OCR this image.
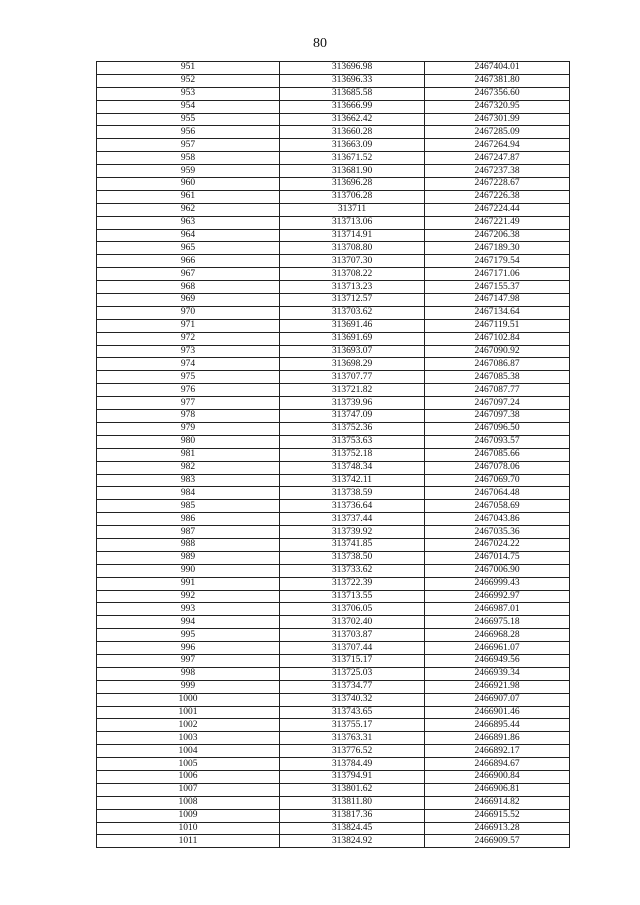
80
951	313696.98	2467404.01
952	313696.33	2467381.80
953	313685.58	2467356.60
954	313666.99	2467320.95
955	313662.42	2467301.99
956	313660.28	2467285.09
957	313663.09	2467264.94
958	313671.52	2467247.87
959	313681.90	2467237.38
960	313696.28	2467228.67
961	313706.28	2467226.38
962	313711	2467224.44
963	313713.06	2467221.49
964	313714.91	2467206.38
965	313708.80	2467189.30
966	313707.30	2467179.54
967	313708.22	2467171.06
968	313713.23	2467155.37
969	313712.57	2467147.98
970	313703.62	2467134.64
971	313691.46	2467119.51
972	313691.69	2467102.84
973	313693.07	2467090.92
974	313698.29	2467086.87
975	313707.77	2467085.38
976	313721.82	2467087.77
977	313739.96	2467097.24
978	313747.09	2467097.38
979	313752.36	2467096.50
980	313753.63	2467093.57
981	313752.18	2467085.66
982	313748.34	2467078.06
983	313742.11	2467069.70
984	313738.59	2467064.48
985	313736.64	2467058.69
986	313737.44	2467043.86
987	313739.92	2467035.36
988	313741.85	2467024.22
989	313738.50	2467014.75
990	313733.62	2467006.90
991	313722.39	2466999.43
992	313713.55	2466992.97
993	313706.05	2466987.01
994	313702.40	2466975.18
995	313703.87	2466968.28
996	313707.44	2466961.07
997	313715.17	2466949.56
998	313725.03	2466939.34
999	313734.77	2466921.98
1000	313740.32	2466907.07
1001	313743.65	2466901.46
1002	313755.17	2466895.44
1003	313763.31	2466891.86
1004	313776.52	2466892.17
1005	313784.49	2466894.67
1006	313794.91	2466900.84
1007	313801.62	2466906.81
1008	313811.80	2466914.82
1009	313817.36	2466915.52
1010	313824.45	2466913.28
1011	313824.92	2466909.57
